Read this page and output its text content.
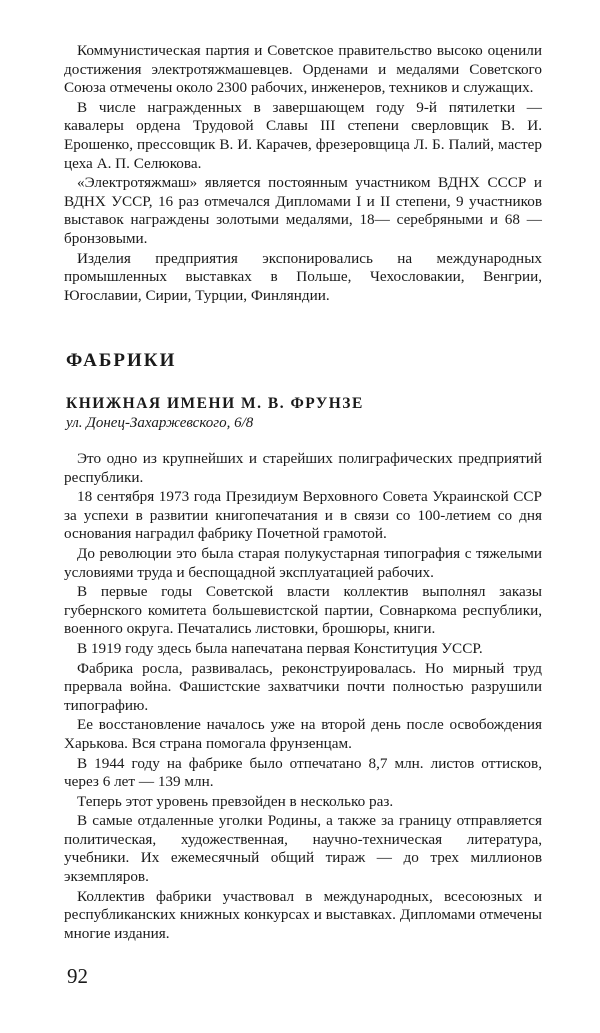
Коммунистическая партия и Советское правительство высоко оценили достижения электротяжмашевцев. Орденами и медалями Советского Союза отмечены около 2300 рабочих, инженеров, техников и служащих.

В числе награжденных в завершающем году 9-й пятилетки — кавалеры ордена Трудовой Славы III степени сверловщик В. И. Ерошенко, прессовщик В. И. Карачев, фрезеровщица Л. Б. Палий, мастер цеха А. П. Селюкова.

«Электротяжмаш» является постоянным участником ВДНХ СССР и ВДНХ УССР, 16 раз отмечался Дипломами I и II степени, 9 участников выставок награждены золотыми медалями, 18— серебряными и 68 — бронзовыми.

Изделия предприятия экспонировались на международных промышленных выставках в Польше, Чехословакии, Венгрии, Югославии, Сирии, Турции, Финляндии.

ФАБРИКИ
КНИЖНАЯ ИМЕНИ М. В. ФРУНЗЕ

ул. Донец-Захаржевского, 6/8

Это одно из крупнейших и старейших полиграфических предприятий республики.

18 сентября 1973 года Президиум Верховного Совета Украинской ССР за успехи в развитии книгопечатания и в связи со 100-летием со дня основания наградил фабрику Почетной грамотой.

До революции это была старая полукустарная типография с тяжелыми условиями труда и беспощадной эксплуатацией рабочих.

В первые годы Советской власти коллектив выполнял заказы губернского комитета большевистской партии, Совнаркома республики, военного округа. Печатались листовки, брошюры, книги.

В 1919 году здесь была напечатана первая Конституция УССР.

Фабрика росла, развивалась, реконструировалась. Но мирный труд прервала война. Фашистские захватчики почти полностью разрушили типографию.

Ее восстановление началось уже на второй день после освобождения Харькова. Вся страна помогала фрунзенцам.

В 1944 году на фабрике было отпечатано 8,7 млн. листов оттисков, через 6 лет — 139 млн.

Теперь этот уровень превзойден в несколько раз.

В самые отдаленные уголки Родины, а также за границу отправляется политическая, художественная, научно-техническая литература, учебники. Их ежемесячный общий тираж — до трех миллионов экземпляров.

Коллектив фабрики участвовал в международных, всесоюзных и республиканских книжных конкурсах и выставках. Дипломами отмечены многие издания.

92
